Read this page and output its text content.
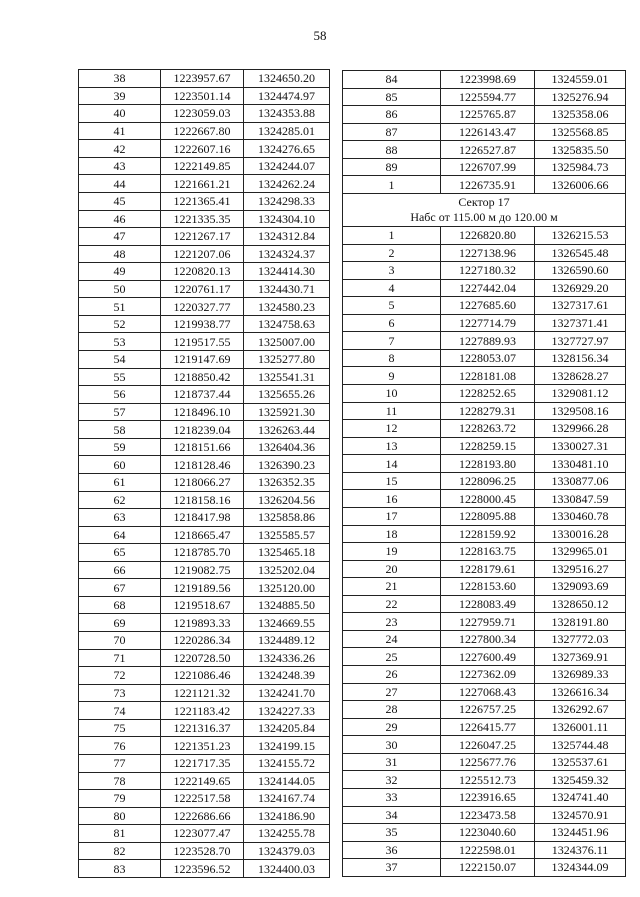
58
38	1223957.67	1324650.20
39	1223501.14	1324474.97
40	1223059.03	1324353.88
41	1222667.80	1324285.01
42	1222607.16	1324276.65
43	1222149.85	1324244.07
44	1221661.21	1324262.24
45	1221365.41	1324298.33
46	1221335.35	1324304.10
47	1221267.17	1324312.84
48	1221207.06	1324324.37
49	1220820.13	1324414.30
50	1220761.17	1324430.71
51	1220327.77	1324580.23
52	1219938.77	1324758.63
53	1219517.55	1325007.00
54	1219147.69	1325277.80
55	1218850.42	1325541.31
56	1218737.44	1325655.26
57	1218496.10	1325921.30
58	1218239.04	1326263.44
59	1218151.66	1326404.36
60	1218128.46	1326390.23
61	1218066.27	1326352.35
62	1218158.16	1326204.56
63	1218417.98	1325858.86
64	1218665.47	1325585.57
65	1218785.70	1325465.18
66	1219082.75	1325202.04
67	1219189.56	1325120.00
68	1219518.67	1324885.50
69	1219893.33	1324669.55
70	1220286.34	1324489.12
71	1220728.50	1324336.26
72	1221086.46	1324248.39
73	1221121.32	1324241.70
74	1221183.42	1324227.33
75	1221316.37	1324205.84
76	1221351.23	1324199.15
77	1221717.35	1324155.72
78	1222149.65	1324144.05
79	1222517.58	1324167.74
80	1222686.66	1324186.90
81	1223077.47	1324255.78
82	1223528.70	1324379.03
83	1223596.52	1324400.03
84	1223998.69	1324559.01
85	1225594.77	1325276.94
86	1225765.87	1325358.06
87	1226143.47	1325568.85
88	1226527.87	1325835.50
89	1226707.99	1325984.73
1	1226735.91	1326006.66

Сектор 17
Набс от 115.00 м до 120.00 м		

1	1226820.80	1326215.53
2	1227138.96	1326545.48
3	1227180.32	1326590.60
4	1227442.04	1326929.20
5	1227685.60	1327317.61
6	1227714.79	1327371.41
7	1227889.93	1327727.97
8	1228053.07	1328156.34
9	1228181.08	1328628.27
10	1228252.65	1329081.12
11	1228279.31	1329508.16
12	1228263.72	1329966.28
13	1228259.15	1330027.31
14	1228193.80	1330481.10
15	1228096.25	1330877.06
16	1228000.45	1330847.59
17	1228095.88	1330460.78
18	1228159.92	1330016.28
19	1228163.75	1329965.01
20	1228179.61	1329516.27
21	1228153.60	1329093.69
22	1228083.49	1328650.12
23	1227959.71	1328191.80
24	1227800.34	1327772.03
25	1227600.49	1327369.91
26	1227362.09	1326989.33
27	1227068.43	1326616.34
28	1226757.25	1326292.67
29	1226415.77	1326001.11
30	1226047.25	1325744.48
31	1225677.76	1325537.61
32	1225512.73	1325459.32
33	1223916.65	1324741.40
34	1223473.58	1324570.91
35	1223040.60	1324451.96
36	1222598.01	1324376.11
37	1222150.07	1324344.09
